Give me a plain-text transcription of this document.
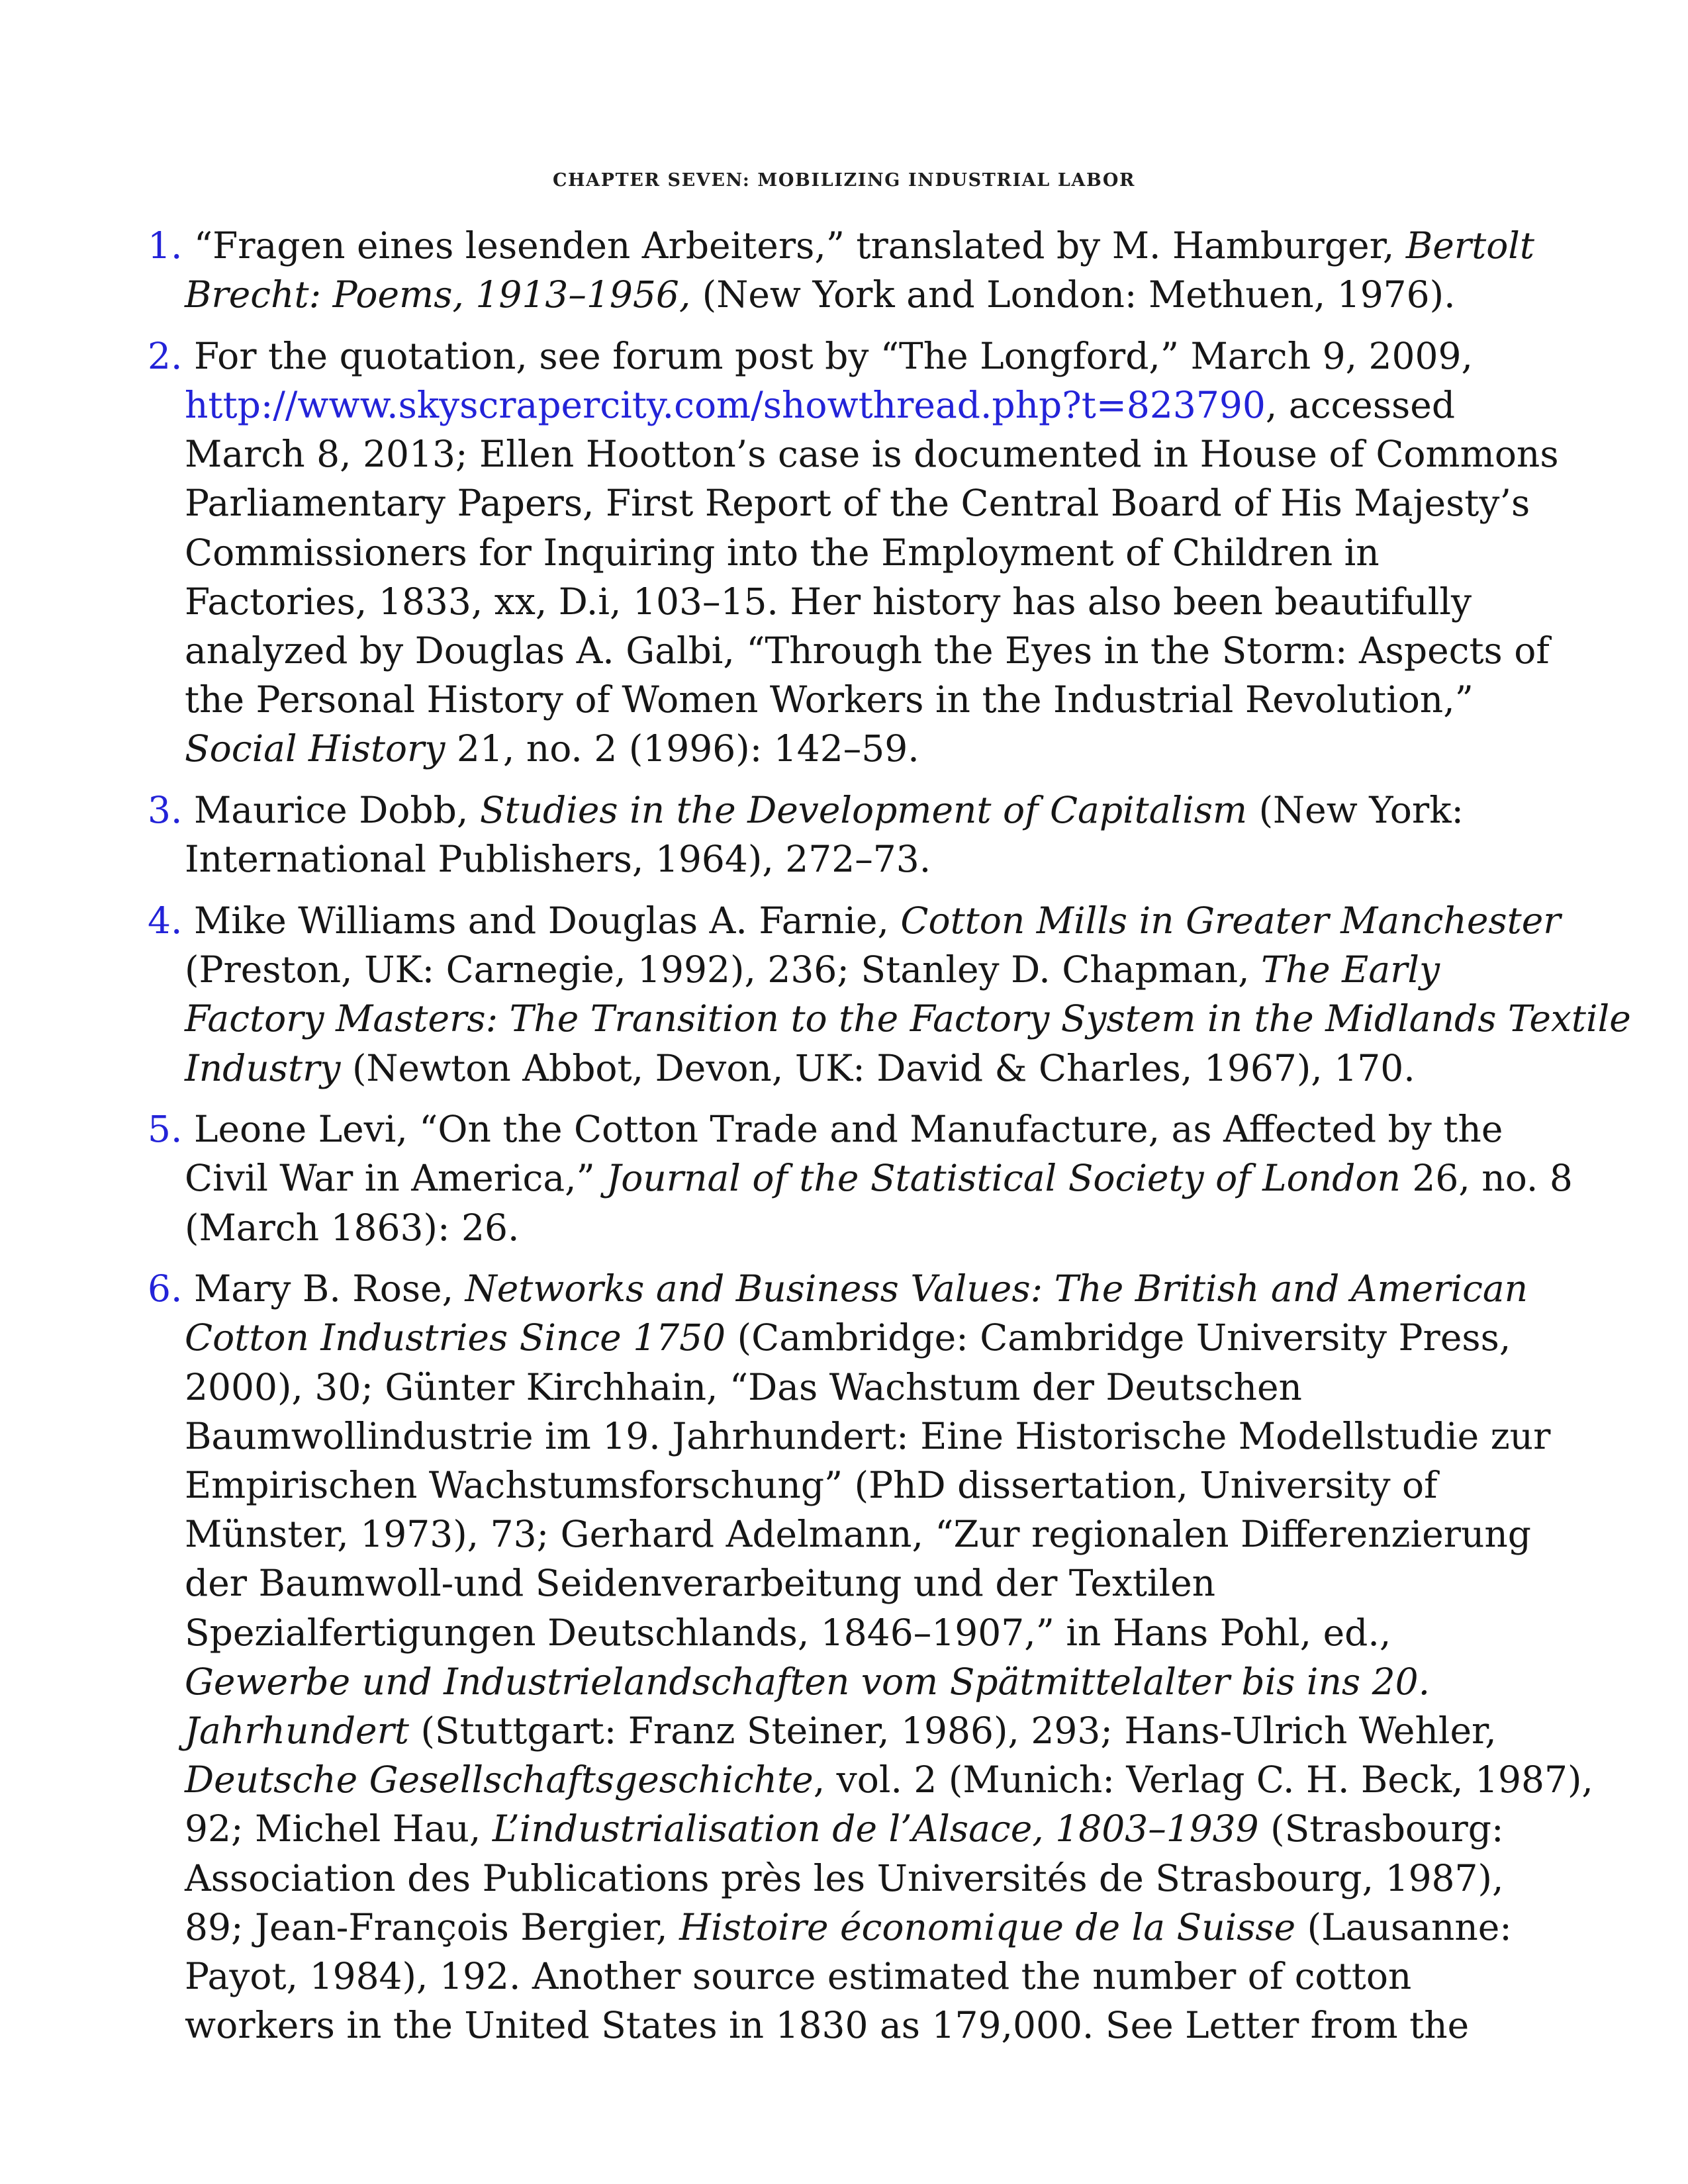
CHAPTER SEVEN: MOBILIZING INDUSTRIAL LABOR
1. “Fragen eines lesenden Arbeiters,” translated by M. Hamburger, Bertolt
Brecht: Poems, 1913–1956, (New York and London: Methuen, 1976).
2. For the quotation, see forum post by “The Longford,” March 9, 2009,
http://www.skyscrapercity.com/showthread.php?t=823790, accessed
March 8, 2013; Ellen Hootton’s case is documented in House of Commons
Parliamentary Papers, First Report of the Central Board of His Majesty’s
Commissioners for Inquiring into the Employment of Children in
Factories, 1833, xx, D.i, 103–15. Her history has also been beautifully
analyzed by Douglas A. Galbi, “Through the Eyes in the Storm: Aspects of
the Personal History of Women Workers in the Industrial Revolution,”
Social History 21, no. 2 (1996): 142–59.
3. Maurice Dobb, Studies in the Development of Capitalism (New York:
International Publishers, 1964), 272–73.
4. Mike Williams and Douglas A. Farnie, Cotton Mills in Greater Manchester
(Preston, UK: Carnegie, 1992), 236; Stanley D. Chapman, The Early
Factory Masters: The Transition to the Factory System in the Midlands Textile
Industry (Newton Abbot, Devon, UK: David & Charles, 1967), 170.
5. Leone Levi, “On the Cotton Trade and Manufacture, as Affected by the
Civil War in America,” Journal of the Statistical Society of London 26, no. 8
(March 1863): 26.
6. Mary B. Rose, Networks and Business Values: The British and American
Cotton Industries Since 1750 (Cambridge: Cambridge University Press,
2000), 30; Günter Kirchhain, “Das Wachstum der Deutschen
Baumwollindustrie im 19. Jahrhundert: Eine Historische Modellstudie zur
Empirischen Wachstumsforschung” (PhD dissertation, University of
Münster, 1973), 73; Gerhard Adelmann, “Zur regionalen Differenzierung
der Baumwoll-und Seidenverarbeitung und der Textilen
Spezialfertigungen Deutschlands, 1846–1907,” in Hans Pohl, ed.,
Gewerbe und Industrielandschaften vom Spätmittelalter bis ins 20.
Jahrhundert (Stuttgart: Franz Steiner, 1986), 293; Hans-Ulrich Wehler,
Deutsche Gesellschaftsgeschichte, vol. 2 (Munich: Verlag C. H. Beck, 1987),
92; Michel Hau, L’industrialisation de l’Alsace, 1803–1939 (Strasbourg:
Association des Publications près les Universités de Strasbourg, 1987),
89; Jean-François Bergier, Histoire économique de la Suisse (Lausanne:
Payot, 1984), 192. Another source estimated the number of cotton
workers in the United States in 1830 as 179,000. See Letter from the
